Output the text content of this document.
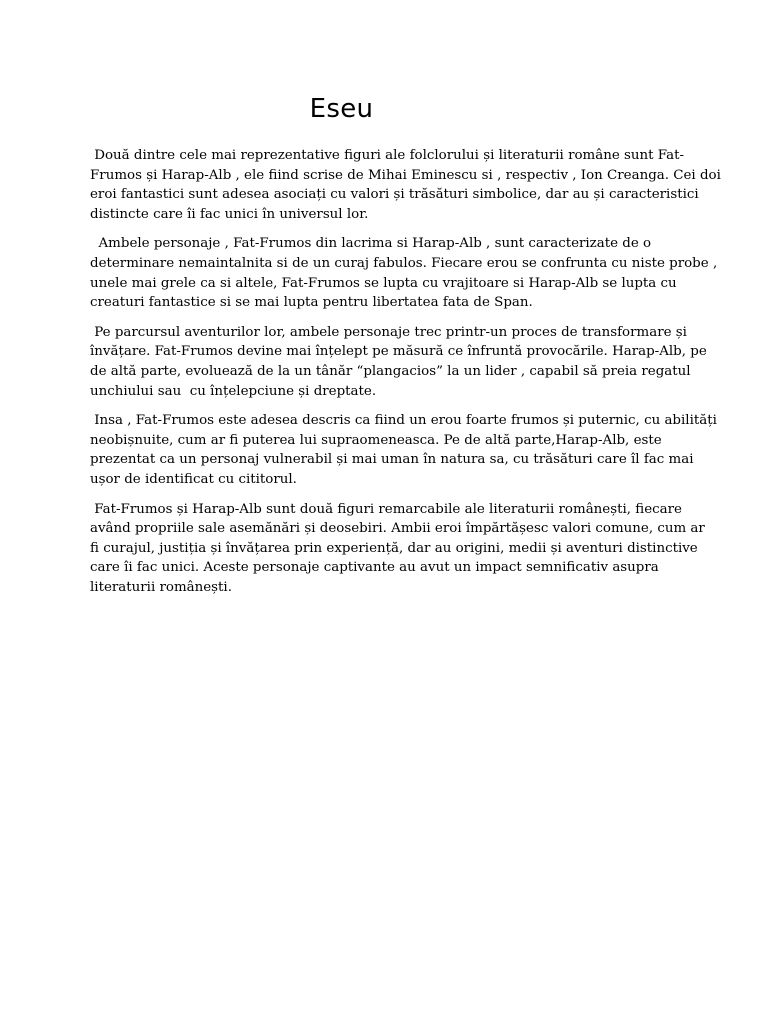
Eseu

Două dintre cele mai reprezentative figuri ale folclorului și literaturii române sunt Fat-
Frumos și Harap-Alb , ele fiind scrise de Mihai Eminescu si , respectiv , Ion Creanga. Cei doi
eroi fantastici sunt adesea asociați cu valori și trăsături simbolice, dar au și caracteristici
distincte care îi fac unici în universul lor.

Ambele personaje , Fat-Frumos din lacrima si Harap-Alb , sunt caracterizate de o
determinare nemaintalnita si de un curaj fabulos. Fiecare erou se confrunta cu niste probe ,
unele mai grele ca si altele, Fat-Frumos se lupta cu vrajitoare si Harap-Alb se lupta cu
creaturi fantastice si se mai lupta pentru libertatea fata de Span.

Pe parcursul aventurilor lor, ambele personaje trec printr-un proces de transformare și
învățare. Fat-Frumos devine mai înțelept pe măsură ce înfruntă provocările. Harap-Alb, pe
de altă parte, evoluează de la un tânăr “plangacios” la un lider , capabil să preia regatul
unchiului sau  cu înțelepciune și dreptate.

Insa , Fat-Frumos este adesea descris ca fiind un erou foarte frumos și puternic, cu abilități
neobișnuite, cum ar fi puterea lui supraomeneasca. Pe de altă parte,Harap-Alb, este
prezentat ca un personaj vulnerabil și mai uman în natura sa, cu trăsături care îl fac mai
ușor de identificat cu cititorul.

Fat-Frumos și Harap-Alb sunt două figuri remarcabile ale literaturii românești, fiecare
având propriile sale asemănări și deosebiri. Ambii eroi împărtășesc valori comune, cum ar
fi curajul, justiția și învățarea prin experiență, dar au origini, medii și aventuri distinctive
care îi fac unici. Aceste personaje captivante au avut un impact semnificativ asupra
literaturii românești.
